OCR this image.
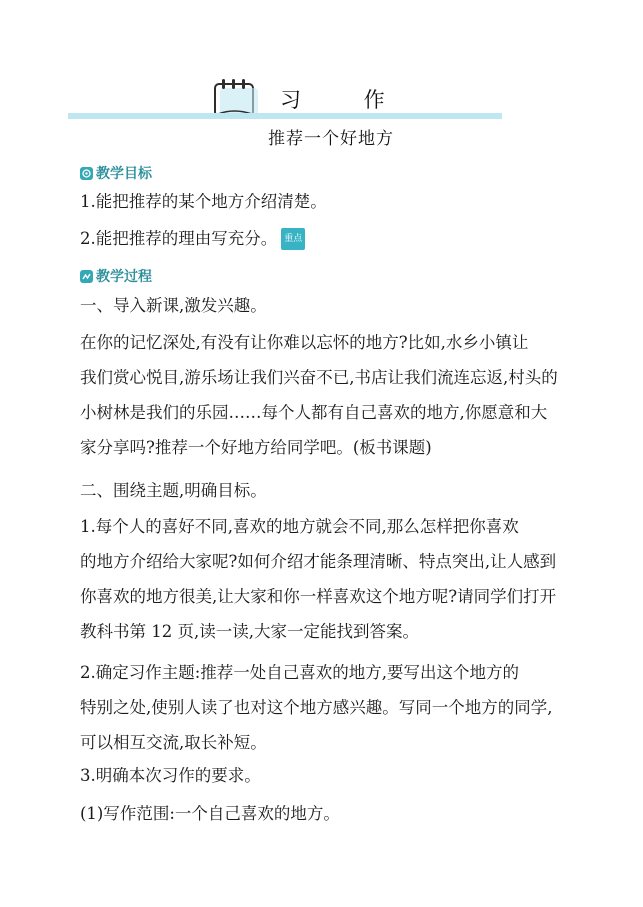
习 作
推荐一个好地方
教学目标
1.能把推荐的某个地方介绍清楚。
2.能把推荐的理由写充分。 重点
教学过程
一、导入新课,激发兴趣。
在你的记忆深处,有没有让你难以忘怀的地方?比如,水乡小镇让
我们赏心悦目,游乐场让我们兴奋不已,书店让我们流连忘返,村头的
小树林是我们的乐园……每个人都有自己喜欢的地方,你愿意和大
家分享吗?推荐一个好地方给同学吧。(板书课题)
二、围绕主题,明确目标。
1.每个人的喜好不同,喜欢的地方就会不同,那么怎样把你喜欢
的地方介绍给大家呢?如何介绍才能条理清晰、特点突出,让人感到
你喜欢的地方很美,让大家和你一样喜欢这个地方呢?请同学们打开
教科书第 12 页,读一读,大家一定能找到答案。
2.确定习作主题:推荐一处自己喜欢的地方,要写出这个地方的
特别之处,使别人读了也对这个地方感兴趣。写同一个地方的同学,
可以相互交流,取长补短。
3.明确本次习作的要求。
(1)写作范围:一个自己喜欢的地方。
